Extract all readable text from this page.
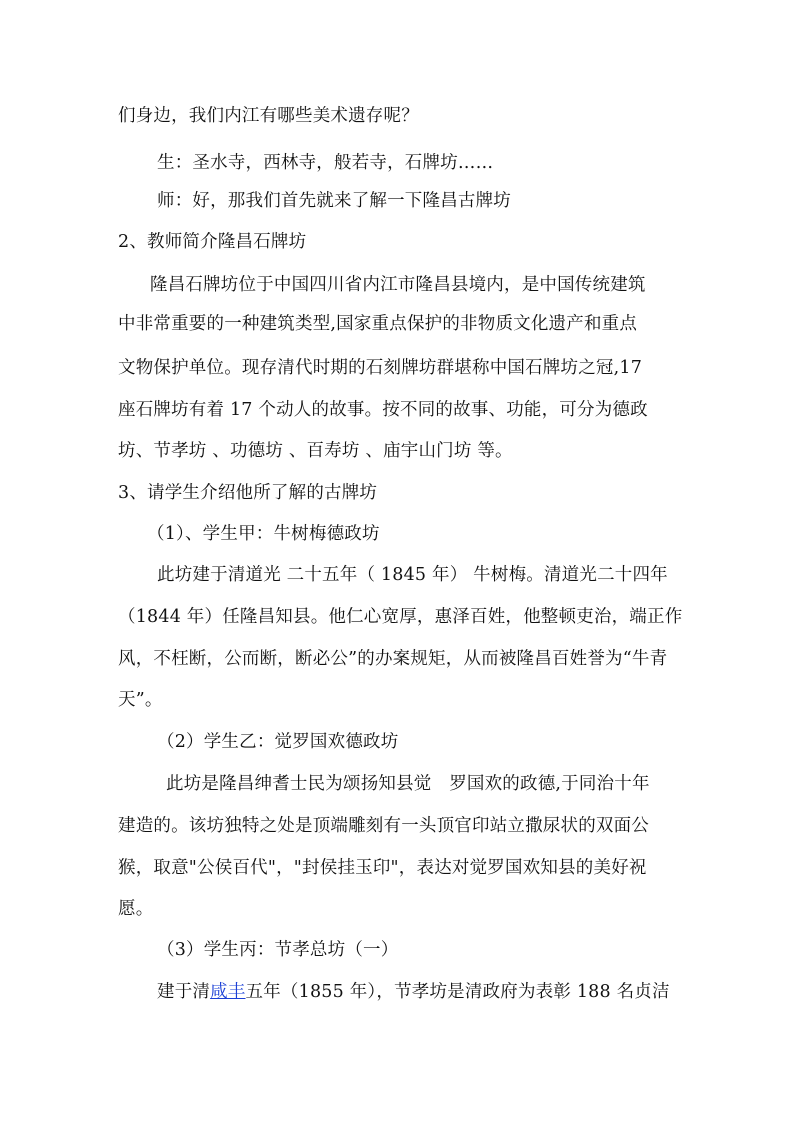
们身边，我们内江有哪些美术遗存呢？
生：圣水寺，西林寺，般若寺，石牌坊……
师：好，那我们首先就来了解一下隆昌古牌坊
2、教师简介隆昌石牌坊
隆昌石牌坊位于中国四川省内江市隆昌县境内，是中国传统建筑
中非常重要的一种建筑类型,国家重点保护的非物质文化遗产和重点
文物保护单位。现存清代时期的石刻牌坊群堪称中国石牌坊之冠,17
座石牌坊有着 17 个动人的故事。按不同的故事、功能，可分为德政
坊、节孝坊 、功德坊 、百寿坊 、庙宇山门坊 等。
3、请学生介绍他所了解的古牌坊
（1）、学生甲：牛树梅德政坊
此坊建于清道光 二十五年（ 1845 年） 牛树梅。清道光二十四年
（1844 年）任隆昌知县。他仁心宽厚，惠泽百姓，他整顿吏治，端正作
风，不枉断，公而断，断必公”的办案规矩，从而被隆昌百姓誉为“牛青
天”。
（2）学生乙：觉罗国欢德政坊
此坊是隆昌绅耆士民为颂扬知县觉　罗国欢的政德,于同治十年
建造的。该坊独特之处是顶端雕刻有一头顶官印站立撒尿状的双面公
猴，取意"公侯百代"，"封侯挂玉印"，表达对觉罗国欢知县的美好祝
愿。
（3）学生丙：节孝总坊（一）
建于清咸丰五年（1855 年），节孝坊是清政府为表彰 188 名贞洁
